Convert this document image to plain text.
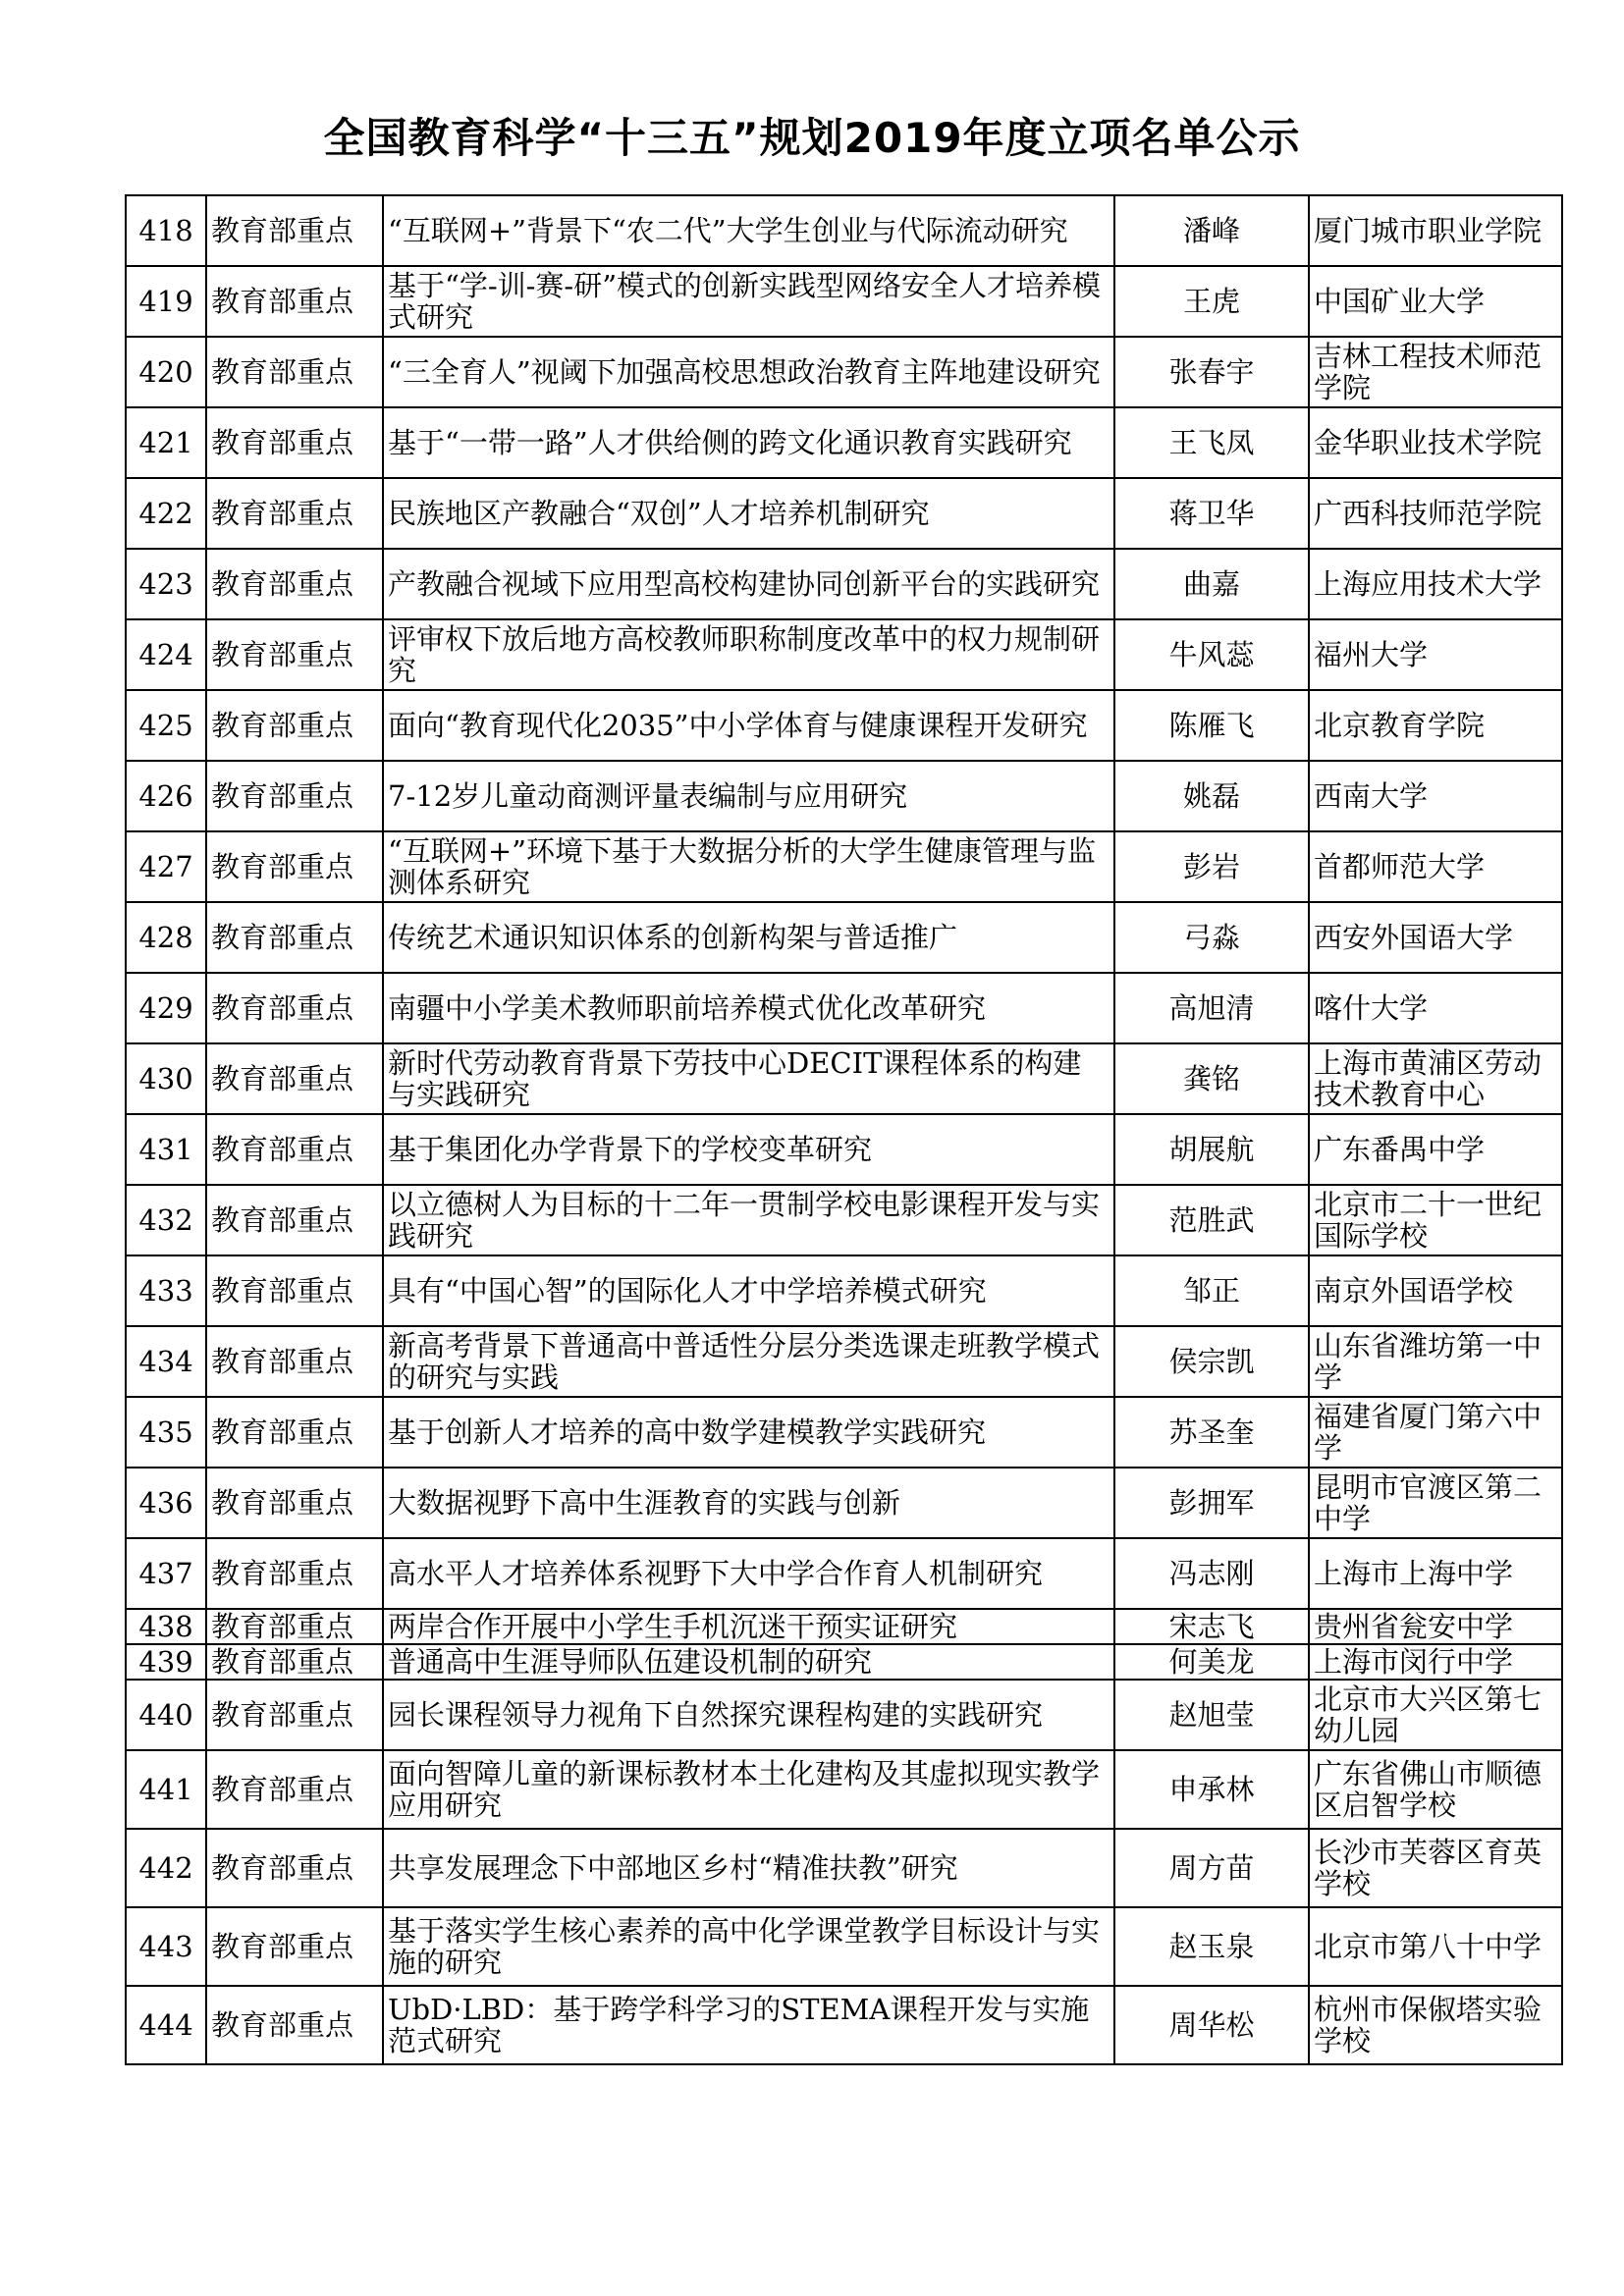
全国教育科学“十三五”规划2019年度立项名单公示
418	教育部重点	“互联网+”背景下“农二代”大学生创业与代际流动研究	潘峰	厦门城市职业学院
419	教育部重点	基于“学-训-赛-研”模式的创新实践型网络安全人才培养模式研究	王虎	中国矿业大学
420	教育部重点	“三全育人”视阈下加强高校思想政治教育主阵地建设研究	张春宇	吉林工程技术师范学院
421	教育部重点	基于“一带一路”人才供给侧的跨文化通识教育实践研究	王飞凤	金华职业技术学院
422	教育部重点	民族地区产教融合“双创”人才培养机制研究	蒋卫华	广西科技师范学院
423	教育部重点	产教融合视域下应用型高校构建协同创新平台的实践研究	曲嘉	上海应用技术大学
424	教育部重点	评审权下放后地方高校教师职称制度改革中的权力规制研究	牛风蕊	福州大学
425	教育部重点	面向“教育现代化2035”中小学体育与健康课程开发研究	陈雁飞	北京教育学院
426	教育部重点	7-12岁儿童动商测评量表编制与应用研究	姚磊	西南大学
427	教育部重点	“互联网+”环境下基于大数据分析的大学生健康管理与监测体系研究	彭岩	首都师范大学
428	教育部重点	传统艺术通识知识体系的创新构架与普适推广	弓淼	西安外国语大学
429	教育部重点	南疆中小学美术教师职前培养模式优化改革研究	高旭清	喀什大学
430	教育部重点	新时代劳动教育背景下劳技中心DECIT课程体系的构建与实践研究	龚铭	上海市黄浦区劳动技术教育中心
431	教育部重点	基于集团化办学背景下的学校变革研究	胡展航	广东番禺中学
432	教育部重点	以立德树人为目标的十二年一贯制学校电影课程开发与实践研究	范胜武	北京市二十一世纪国际学校
433	教育部重点	具有“中国心智”的国际化人才中学培养模式研究	邹正	南京外国语学校
434	教育部重点	新高考背景下普通高中普适性分层分类选课走班教学模式的研究与实践	侯宗凯	山东省潍坊第一中学
435	教育部重点	基于创新人才培养的高中数学建模教学实践研究	苏圣奎	福建省厦门第六中学
436	教育部重点	大数据视野下高中生涯教育的实践与创新	彭拥军	昆明市官渡区第二中学
437	教育部重点	高水平人才培养体系视野下大中学合作育人机制研究	冯志刚	上海市上海中学
438	教育部重点	两岸合作开展中小学生手机沉迷干预实证研究	宋志飞	贵州省瓮安中学
439	教育部重点	普通高中生涯导师队伍建设机制的研究	何美龙	上海市闵行中学
440	教育部重点	园长课程领导力视角下自然探究课程构建的实践研究	赵旭莹	北京市大兴区第七幼儿园
441	教育部重点	面向智障儿童的新课标教材本土化建构及其虚拟现实教学应用研究	申承林	广东省佛山市顺德区启智学校
442	教育部重点	共享发展理念下中部地区乡村“精准扶教”研究	周方苗	长沙市芙蓉区育英学校
443	教育部重点	基于落实学生核心素养的高中化学课堂教学目标设计与实施的研究	赵玉泉	北京市第八十中学
444	教育部重点	UbD·LBD：基于跨学科学习的STEMA课程开发与实施范式研究	周华松	杭州市保俶塔实验学校
